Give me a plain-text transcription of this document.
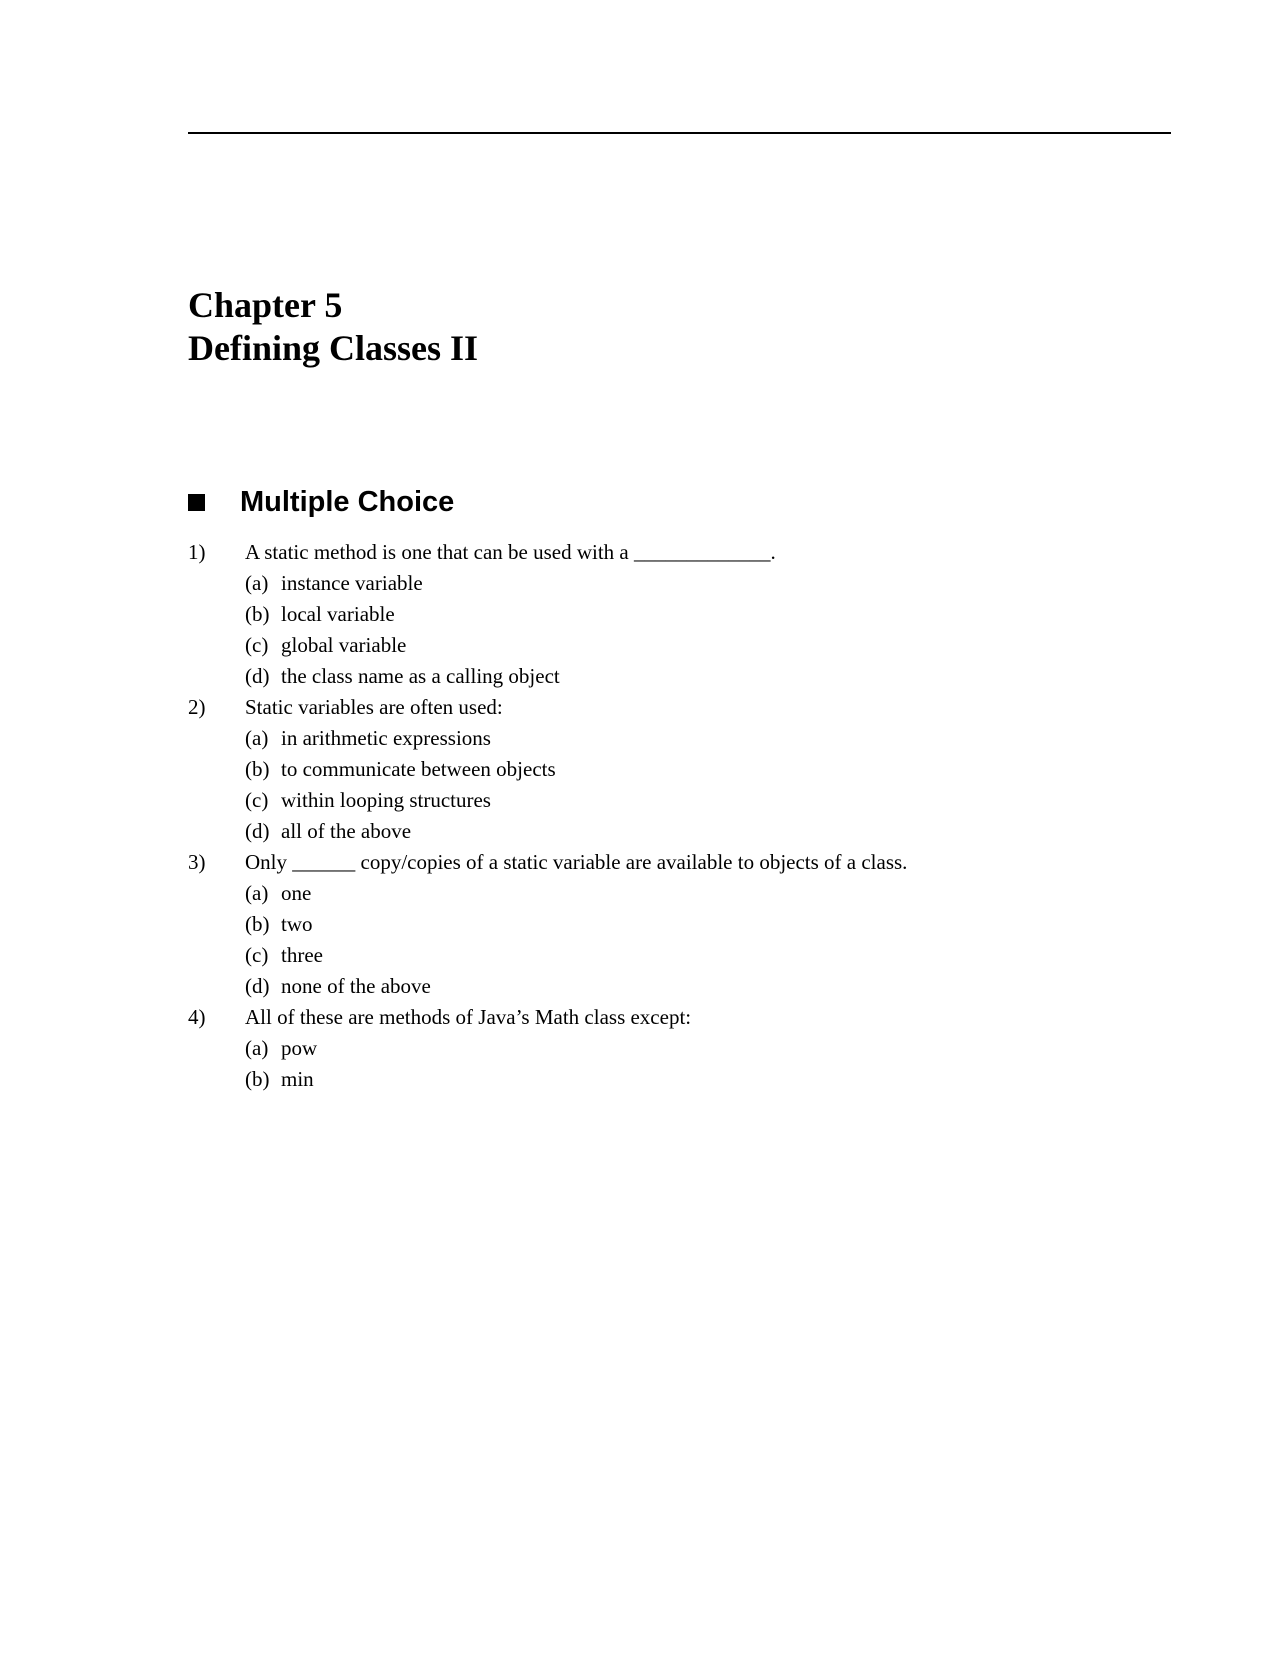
Chapter 5
Defining Classes II
Multiple Choice
1)	A static method is one that can be used with a _____________.
(a) instance variable
(b) local variable
(c) global variable
(d) the class name as a calling object
2)	Static variables are often used:
(a) in arithmetic expressions
(b) to communicate between objects
(c) within looping structures
(d) all of the above
3)	Only ______ copy/copies of a static variable are available to objects of a class.
(a) one
(b) two
(c) three
(d) none of the above
4)	All of these are methods of Java’s Math class except:
(a) pow
(b) min
